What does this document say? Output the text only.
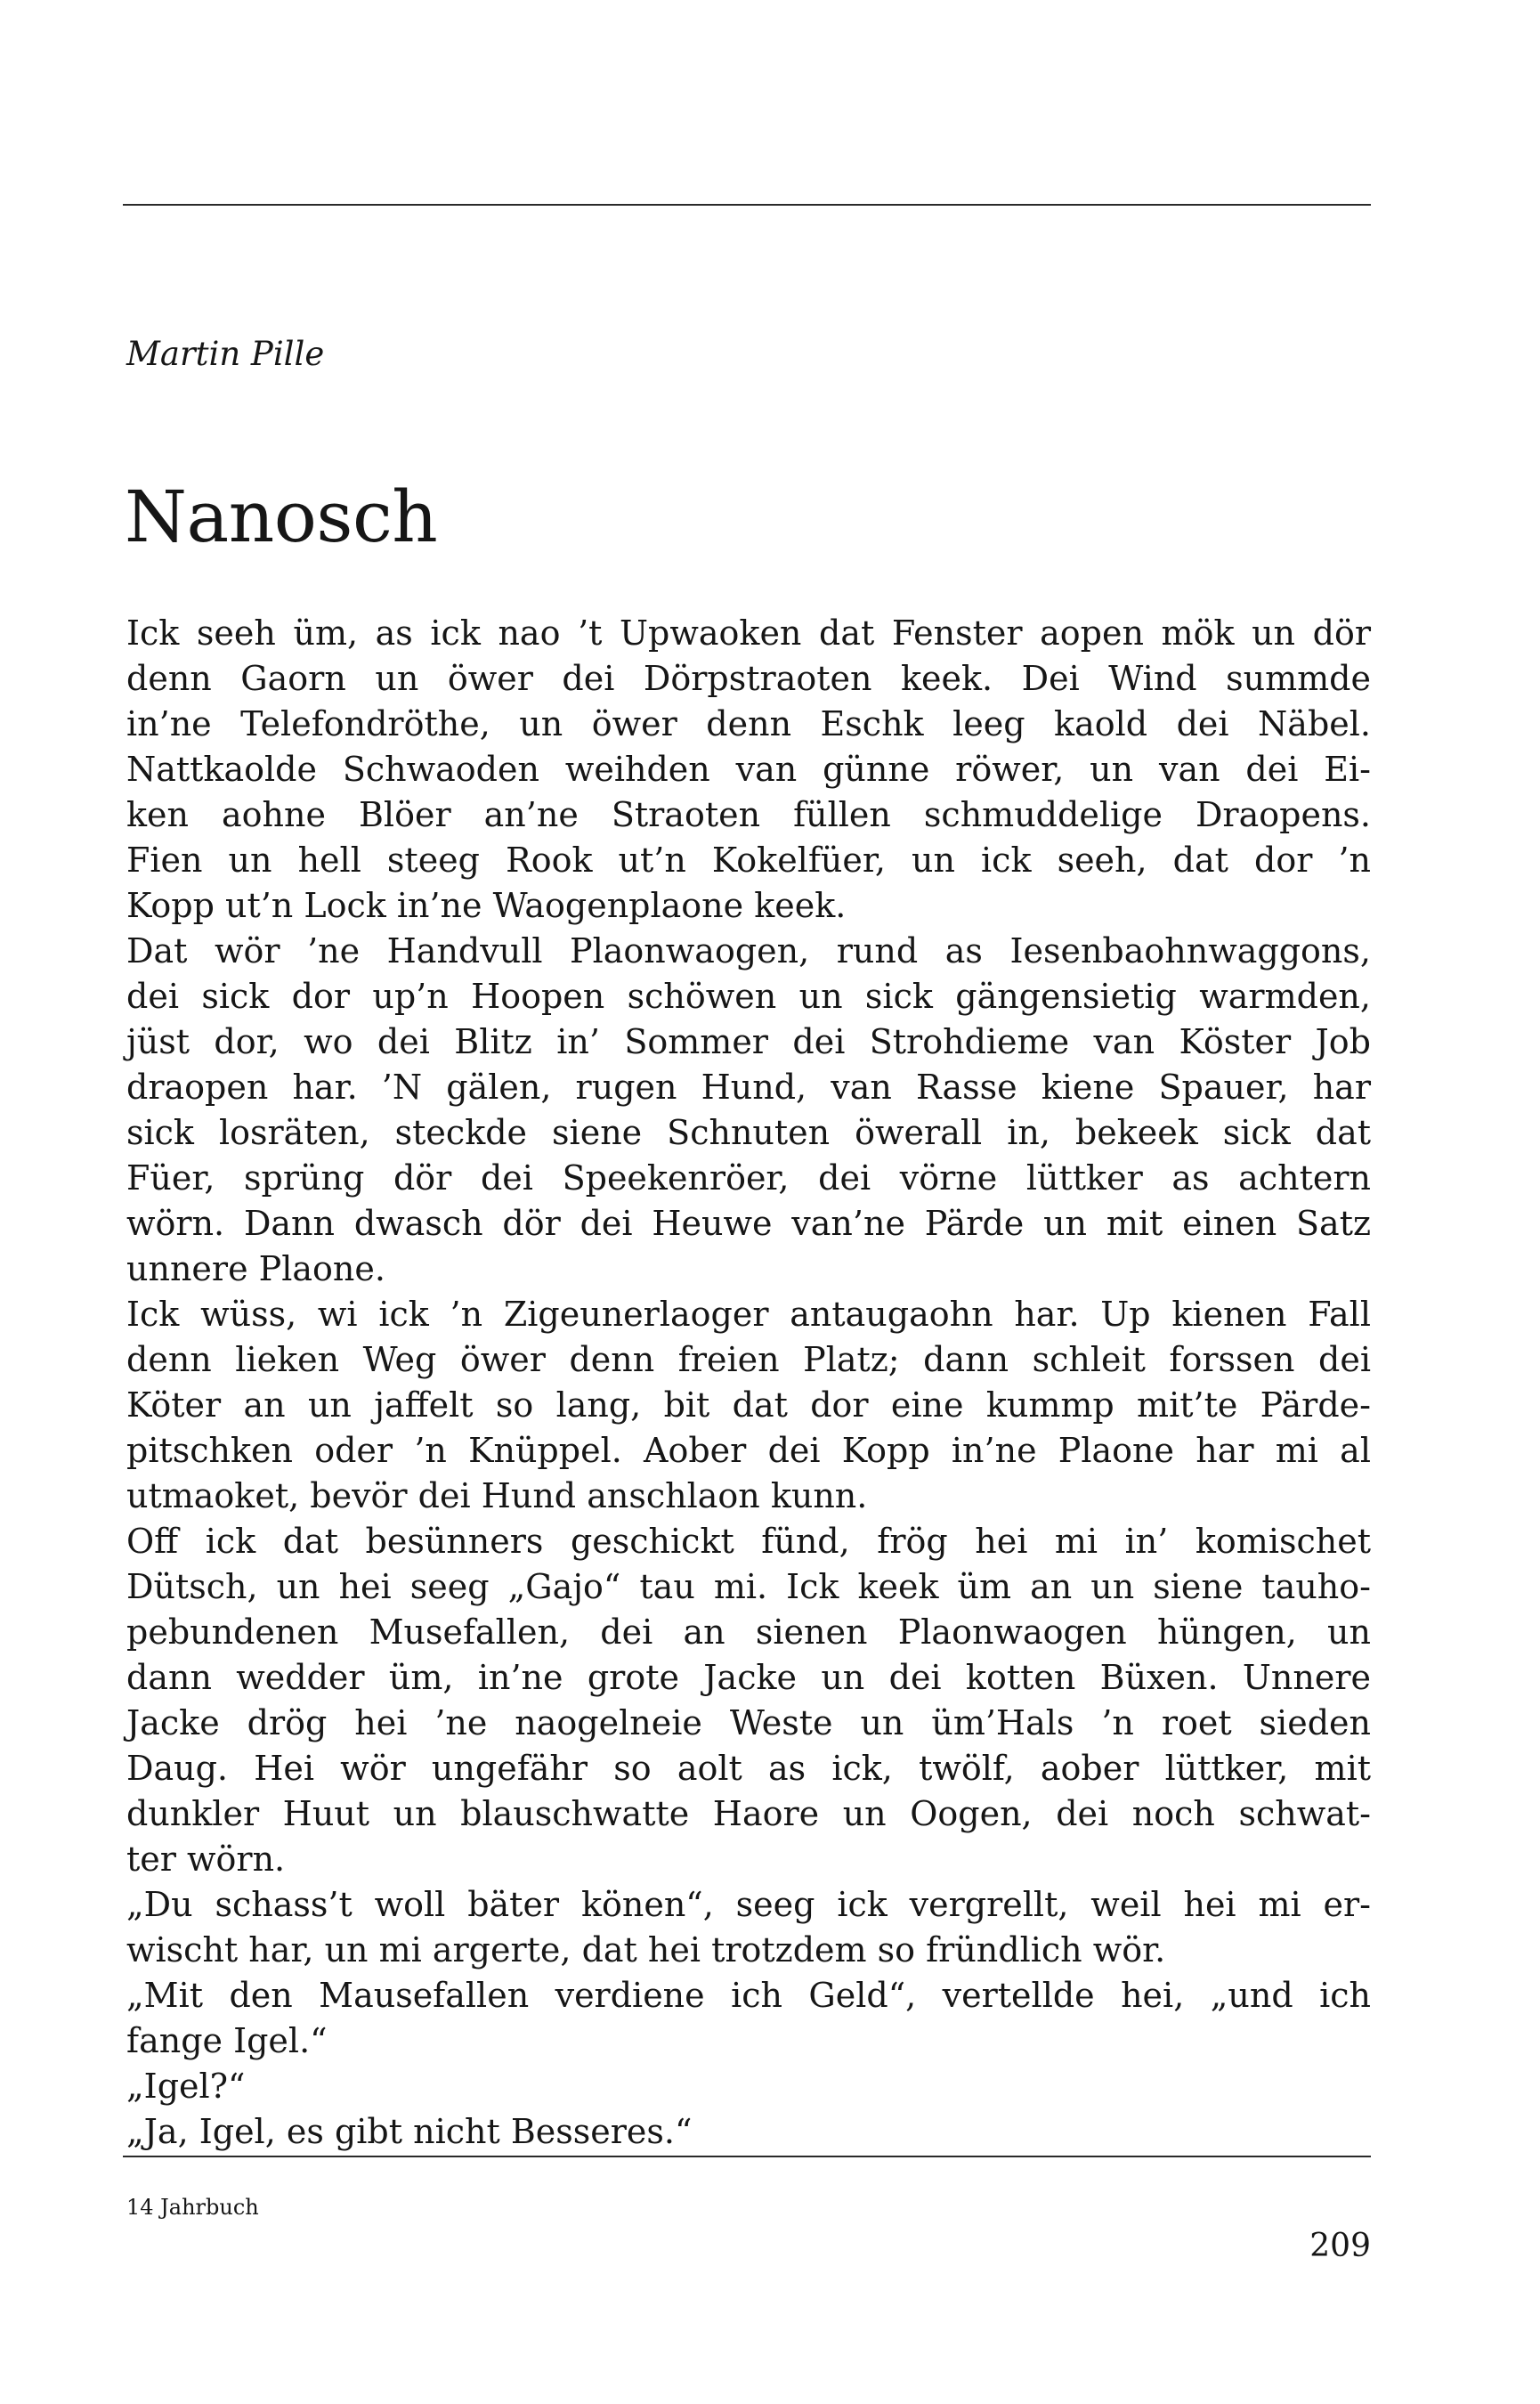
Martin Pille

Nanosch
Ick seeh üm, as ick nao ’t Upwaoken dat Fenster aopen mök un dör
denn Gaorn un öwer dei Dörpstraoten keek. Dei Wind summde
in’ne Telefondröthe, un öwer denn Eschk leeg kaold dei Näbel.
Nattkaolde Schwaoden weihden van günne röwer, un van dei Ei-
ken aohne Blöer an’ne Straoten füllen schmuddelige Draopens.
Fien un hell steeg Rook ut’n Kokelfüer, un ick seeh, dat dor ’n
Kopp ut’n Lock in’ne Waogenplaone keek.
Dat wör ’ne Handvull Plaonwaogen, rund as Iesenbaohnwaggons,
dei sick dor up’n Hoopen schöwen un sick gängensietig warmden,
jüst dor, wo dei Blitz in’ Sommer dei Strohdieme van Köster Job
draopen har. ’N gälen, rugen Hund, van Rasse kiene Spauer, har
sick losräten, steckde siene Schnuten öwerall in, bekeek sick dat
Füer, sprüng dör dei Speekenröer, dei vörne lüttker as achtern
wörn. Dann dwasch dör dei Heuwe van’ne Pärde un mit einen Satz
unnere Plaone.
Ick wüss, wi ick ’n Zigeunerlaoger antaugaohn har. Up kienen Fall
denn lieken Weg öwer denn freien Platz; dann schleit forssen dei
Köter an un jaffelt so lang, bit dat dor eine kummp mit’te Pärde-
pitschken oder ’n Knüppel. Aober dei Kopp in’ne Plaone har mi al
utmaoket, bevör dei Hund anschlaon kunn.
Off ick dat besünners geschickt fünd, frög hei mi in’ komischet
Dütsch, un hei seeg „Gajo“ tau mi. Ick keek üm an un siene tauho-
pebundenen Musefallen, dei an sienen Plaonwaogen hüngen, un
dann wedder üm, in’ne grote Jacke un dei kotten Büxen. Unnere
Jacke drög hei ’ne naogelneie Weste un üm’Hals ’n roet sieden
Daug. Hei wör ungefähr so aolt as ick, twölf, aober lüttker, mit
dunkler Huut un blauschwatte Haore un Oogen, dei noch schwat-
ter wörn.
„Du schass’t woll bäter könen“, seeg ick vergrellt, weil hei mi er-
wischt har, un mi argerte, dat hei trotzdem so fründlich wör.
„Mit den Mausefallen verdiene ich Geld“, vertellde hei, „und ich
fange Igel.“
„Igel?“
„Ja, Igel, es gibt nicht Besseres.“
14 Jahrbuch
209
